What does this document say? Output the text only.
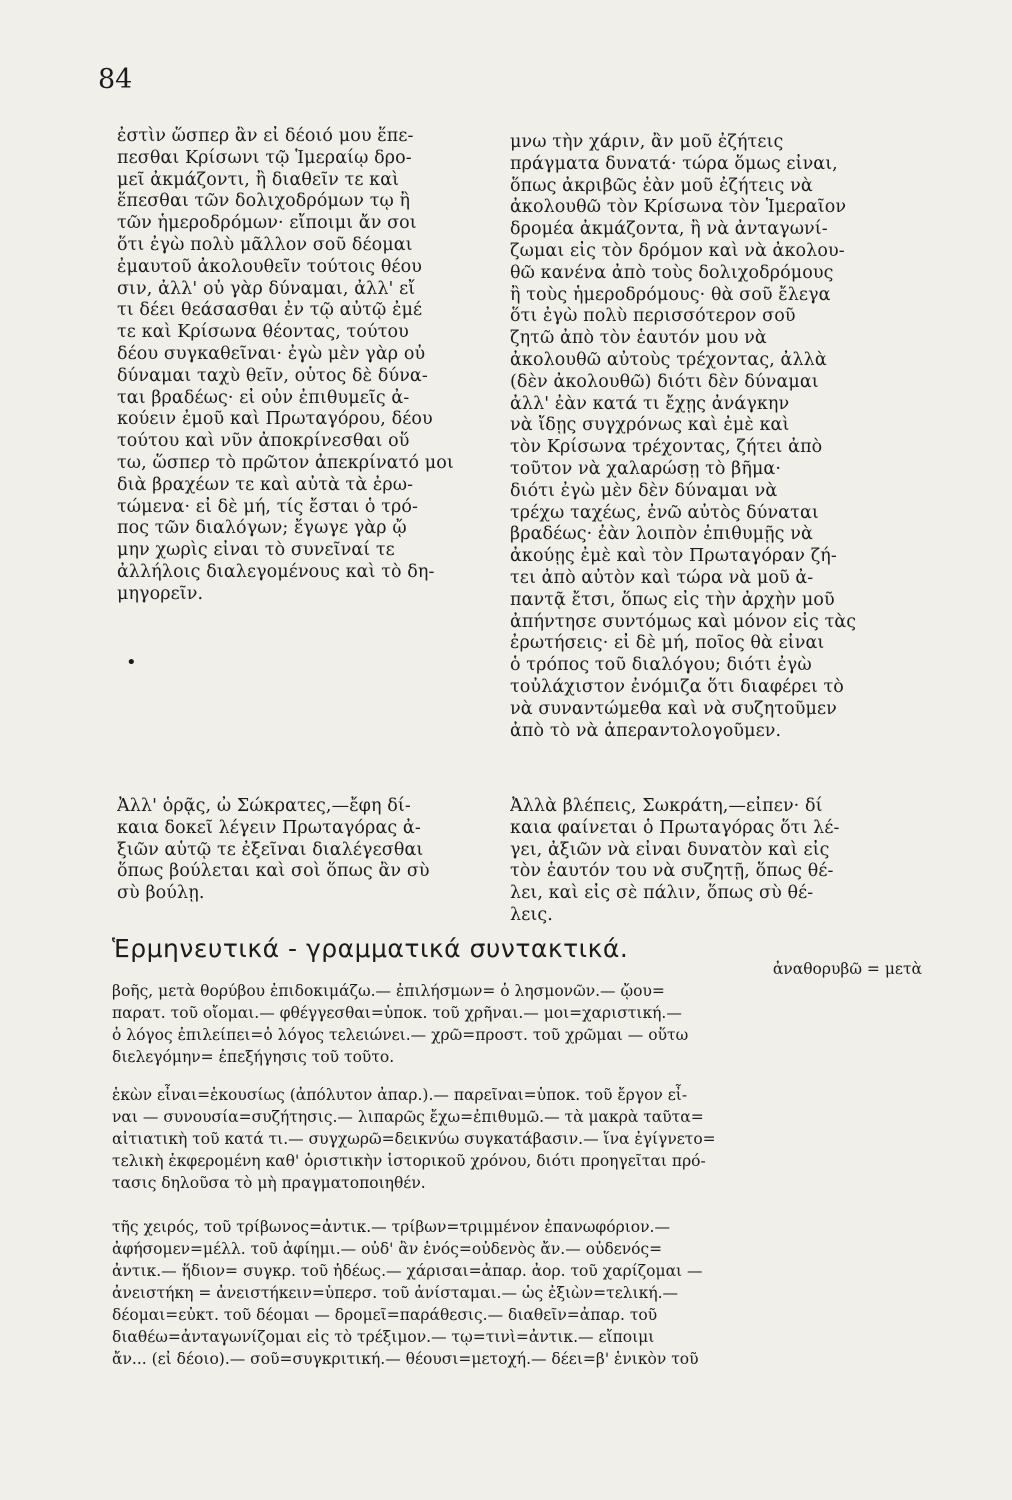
84
ἐστὶν ὥσπερ ἂν εἰ δέοιό μου ἕπε-
πεσθαι Κρίσωνι τῷ Ἱμεραίῳ δρο-
μεῖ ἀκμάζοντι, ἢ διαθεῖν τε καὶ
ἕπεσθαι τῶν δολιχοδρόμων τῳ ἢ
τῶν ἡμεροδρόμων· εἴποιμι ἄν σοι
ὅτι ἐγὼ πολὺ μᾶλλον σοῦ δέομαι
ἐμαυτοῦ ἀκολουθεῖν τούτοις θέου
σιν, ἀλλ' οὐ γὰρ δύναμαι, ἀλλ' εἴ
τι δέει θεάσασθαι ἐν τῷ αὐτῷ ἐμέ
τε καὶ Κρίσωνα θέοντας, τούτου
δέου συγκαθεῖναι· ἐγὼ μὲν γὰρ οὐ
δύναμαι ταχὺ θεῖν, οὗτος δὲ δύνα-
ται βραδέως· εἰ οὖν ἐπιθυμεῖς ἀ-
κούειν ἐμοῦ καὶ Πρωταγόρου, δέου
τούτου καὶ νῦν ἀποκρίνεσθαι οὕ
τω, ὥσπερ τὸ πρῶτον ἀπεκρίνατό μοι
διὰ βραχέων τε καὶ αὐτὰ τὰ ἐρω-
τώμενα· εἰ δὲ μή, τίς ἔσται ὁ τρό-
πος τῶν διαλόγων; ἔγωγε γὰρ ᾤ
μην χωρὶς εἶναι τὸ συνεῖναί τε
ἀλλήλοις διαλεγομένους καὶ τὸ δη-
μηγορεῖν.
μνω τὴν χάριν, ἂν μοῦ ἐζήτεις
πράγματα δυνατά· τώρα ὅμως εἶναι,
ὅπως ἀκριβῶς ἐὰν μοῦ ἐζήτεις νὰ
ἀκολουθῶ τὸν Κρίσωνα τὸν Ἱμεραῖον
δρομέα ἀκμάζοντα, ἢ νὰ ἀνταγωνί-
ζωμαι εἰς τὸν δρόμον καὶ νὰ ἀκολου-
θῶ κανένα ἀπὸ τοὺς δολιχοδρόμους
ἢ τοὺς ἡμεροδρόμους· θὰ σοῦ ἔλεγα
ὅτι ἐγὼ πολὺ περισσότερον σοῦ
ζητῶ ἀπὸ τὸν ἑαυτόν μου νὰ
ἀκολουθῶ αὐτοὺς τρέχοντας, ἀλλὰ
(δὲν ἀκολουθῶ) διότι δὲν δύναμαι
ἀλλ' ἐὰν κατά τι ἔχῃς ἀνάγκην
νὰ ἴδῃς συγχρόνως καὶ ἐμὲ καὶ
τὸν Κρίσωνα τρέχοντας, ζήτει ἀπὸ
τοῦτον νὰ χαλαρώσῃ τὸ βῆμα·
διότι ἐγὼ μὲν δὲν δύναμαι νὰ
τρέχω ταχέως, ἐνῶ αὐτὸς δύναται
βραδέως· ἐὰν λοιπὸν ἐπιθυμῇς νὰ
ἀκούῃς ἐμὲ καὶ τὸν Πρωταγόραν ζή-
τει ἀπὸ αὐτὸν καὶ τώρα νὰ μοῦ ἀ-
παντᾷ ἔτσι, ὅπως εἰς τὴν ἀρχὴν μοῦ
ἀπήντησε συντόμως καὶ μόνον εἰς τὰς
ἐρωτήσεις· εἰ δὲ μή, ποῖος θὰ εἶναι
ὁ τρόπος τοῦ διαλόγου; διότι ἐγὼ
τοὐλάχιστον ἐνόμιζα ὅτι διαφέρει τὸ
νὰ συναντώμεθα καὶ νὰ συζητοῦμεν
ἀπὸ τὸ νὰ ἀπεραντολογοῦμεν.
•
Ἀλλ' ὁρᾷς, ὦ Σώκρατες,—ἔφη δί-
καια δοκεῖ λέγειν Πρωταγόρας ἀ-
ξιῶν αὑτῷ τε ἐξεῖναι διαλέγεσθαι
ὅπως βούλεται καὶ σοὶ ὅπως ἂν σὺ
σὺ βούλῃ.
Ἀλλὰ βλέπεις, Σωκράτη,—εἶπεν· δί
καια φαίνεται ὁ Πρωταγόρας ὅτι λέ-
γει, ἀξιῶν νὰ εἶναι δυνατὸν καὶ εἰς
τὸν ἑαυτόν του νὰ συζητῇ, ὅπως θέ-
λει, καὶ εἰς σὲ πάλιν, ὅπως σὺ θέ-
λεις.
Ἑρμηνευτικά - γραμματικά συντακτικά.
ἀναθορυβῶ = μετὰ
βοῆς, μετὰ θορύβου ἐπιδοκιμάζω.— ἐπιλήσμων= ὁ λησμονῶν.— ᾤου=
παρατ. τοῦ οἴομαι.— φθέγγεσθαι=ὑποκ. τοῦ χρῆναι.— μοι=χαριστική.—
ὁ λόγος ἐπιλείπει=ὁ λόγος τελειώνει.— χρῶ=προστ. τοῦ χρῶμαι — οὕτω
διελεγόμην= ἐπεξήγησις τοῦ τοῦτο.
ἑκὼν εἶναι=ἑκουσίως (ἀπόλυτον ἀπαρ.).— παρεῖναι=ὑποκ. τοῦ ἔργον εἶ-
ναι — συνουσία=συζήτησις.— λιπαρῶς ἔχω=ἐπιθυμῶ.— τὰ μακρὰ ταῦτα=
αἰτιατικὴ τοῦ κατά τι.— συγχωρῶ=δεικνύω συγκατάβασιν.— ἵνα ἐγίγνετο=
τελικὴ ἐκφερομένη καθ' ὁριστικὴν ἱστορικοῦ χρόνου, διότι προηγεῖται πρό-
τασις δηλοῦσα τὸ μὴ πραγματοποιηθέν.
τῆς χειρός, τοῦ τρίβωνος=ἀντικ.— τρίβων=τριμμένον ἐπανωφόριον.—
ἀφήσομεν=μέλλ. τοῦ ἀφίημι.— οὐδ' ἂν ἑνός=οὐδενὸς ἄν.— οὐδενός=
ἀντικ.— ἥδιον= συγκρ. τοῦ ἡδέως.— χάρισαι=ἀπαρ. ἀορ. τοῦ χαρίζομαι —
ἀνειστήκη = ἀνειστήκειν=ὑπερσ. τοῦ ἀνίσταμαι.— ὡς ἐξιὼν=τελική.—
δέομαι=εὐκτ. τοῦ δέομαι — δρομεῖ=παράθεσις.— διαθεῖν=ἀπαρ. τοῦ
διαθέω=ἀνταγωνίζομαι εἰς τὸ τρέξιμον.— τῳ=τινὶ=ἀντικ.— εἴποιμι
ἄν... (εἰ δέοιο).— σοῦ=συγκριτική.— θέουσι=μετοχή.— δέει=β' ἑνικὸν τοῦ
